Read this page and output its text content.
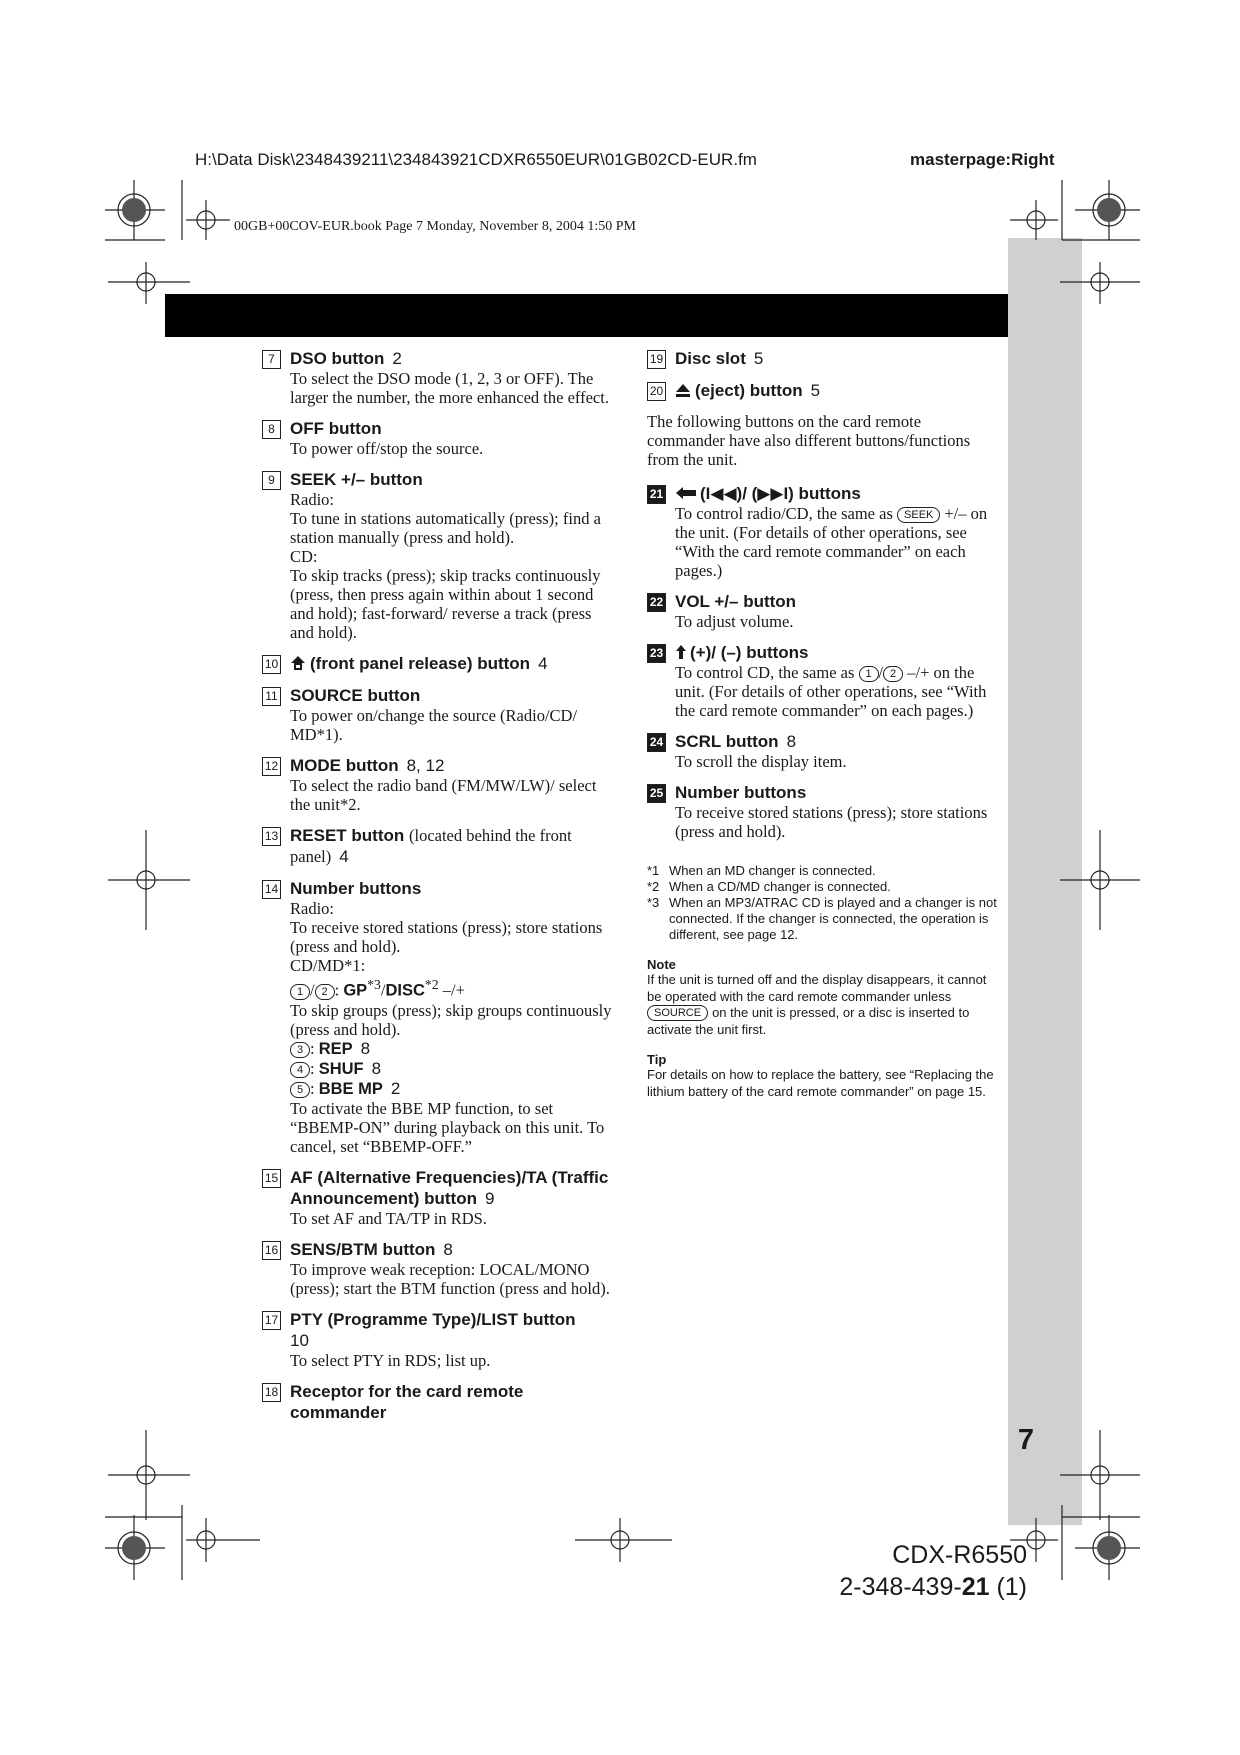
H:\Data Disk\2348439211\234843921CDXR6550EUR\01GB02CD-EUR.fm	masterpage:Right
00GB+00COV-EUR.book Page 7 Monday, November 8, 2004 1:50 PM
7 DSO button 2
To select the DSO mode (1, 2, 3 or OFF). The larger the number, the more enhanced the effect.
8 OFF button
To power off/stop the source.
9 SEEK +/– button
Radio:
To tune in stations automatically (press); find a station manually (press and hold).
CD:
To skip tracks (press); skip tracks continuously (press, then press again within about 1 second and hold); fast-forward/ reverse a track (press and hold).
10	(front panel release) button 4
11 SOURCE button
To power on/change the source (Radio/CD/ MD*1).
12 MODE button 8, 12
To select the radio band (FM/MW/LW)/ select the unit*2.
13 RESET button (located behind the front panel) 4
14 Number buttons
Radio:
To receive stored stations (press); store stations (press and hold).
CD/MD*1:
1 / 2 : GP$^{*3}$/DISC$^{*2}$ –/+
To skip groups (press); skip groups continuously (press and hold).
3 : REP 8
4 : SHUF 8
5 : BBE MP 2
To activate the BBE MP function, to set “BBEMP-ON” during playback on this unit. To cancel, set “BBEMP-OFF.”
15 AF (Alternative Frequencies)/TA (Traffic Announcement) button 9
To set AF and TA/TP in RDS.
16 SENS/BTM button 8
To improve weak reception: LOCAL/MONO (press); start the BTM function (press and hold).
17 PTY (Programme Type)/LIST button
10
To select PTY in RDS; list up.
18 Receptor for the card remote commander
19 Disc slot 5
20	(eject) button 5
The following buttons on the card remote commander have also different buttons/functions from the unit.
21	(I◀◀)/ (▶▶I) buttons
To control radio/CD, the same as SEEK +/– on the unit. (For details of other operations, see “With the card remote commander” on each pages.)
22 VOL +/– button
To adjust volume.
23	(+)/ (–) buttons
To control CD, the same as 1 / 2 –/+ on the unit. (For details of other operations, see “With the card remote commander” on each pages.)
24 SCRL button 8
To scroll the display item.
25 Number buttons
To receive stored stations (press); store stations (press and hold).
*1 When an MD changer is connected.
*2 When a CD/MD changer is connected.
*3 When an MP3/ATRAC CD is played and a changer is not connected. If the changer is connected, the operation is different, see page 12.
Note
If the unit is turned off and the display disappears, it cannot be operated with the card remote commander unless SOURCE on the unit is pressed, or a disc is inserted to activate the unit first.
Tip
For details on how to replace the battery, see “Replacing the lithium battery of the card remote commander” on page 15.
7
CDX-R6550
2-348-439-21 (1)
